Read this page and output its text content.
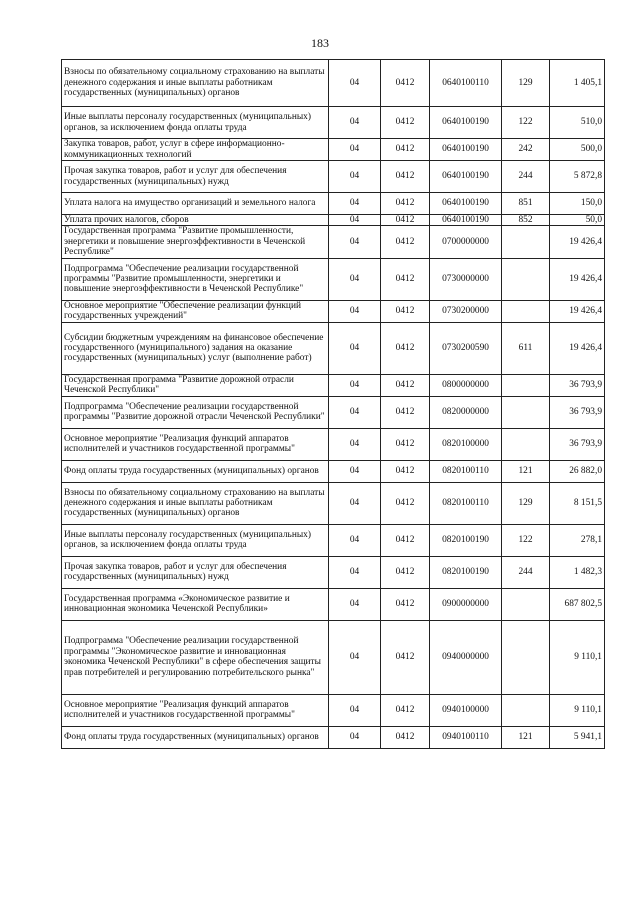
183
Взносы по обязательному социальному страхованию на выплаты денежного содержания и иные выплаты работникам государственных (муниципальных) органов	04	0412	0640100110	129	1 405,1
Иные выплаты персоналу государственных (муниципальных) органов, за исключением фонда оплаты труда	04	0412	0640100190	122	510,0
Закупка товаров, работ, услуг в сфере информационно-коммуникационных технологий	04	0412	0640100190	242	500,0
Прочая закупка товаров, работ и услуг для обеспечения государственных (муниципальных) нужд	04	0412	0640100190	244	5 872,8
Уплата налога на имущество организаций и земельного налога	04	0412	0640100190	851	150,0
Уплата прочих налогов, сборов	04	0412	0640100190	852	50,0
Государственная программа "Развитие промышленности, энергетики и повышение энергоэффективности в Чеченской Республике"	04	0412	0700000000		19 426,4
Подпрограмма "Обеспечение реализации государственной программы "Развитие промышленности, энергетики и повышение энергоэффективности в Чеченской Республике"	04	0412	0730000000		19 426,4
Основное мероприятие "Обеспечение реализации функций государственных учреждений"	04	0412	0730200000		19 426,4
Субсидии бюджетным учреждениям на финансовое обеспечение государственного (муниципального) задания на оказание государственных (муниципальных) услуг (выполнение работ)	04	0412	0730200590	611	19 426,4
Государственная программа "Развитие дорожной отрасли Чеченской Республики"	04	0412	0800000000		36 793,9
Подпрограмма "Обеспечение реализации государственной программы "Развитие дорожной отрасли Чеченской Республики"	04	0412	0820000000		36 793,9
Основное мероприятие "Реализация функций аппаратов исполнителей и участников государственной программы"	04	0412	0820100000		36 793,9
Фонд оплаты труда государственных (муниципальных) органов	04	0412	0820100110	121	26 882,0
Взносы по обязательному социальному страхованию на выплаты денежного содержания и иные выплаты работникам государственных (муниципальных) органов	04	0412	0820100110	129	8 151,5
Иные выплаты персоналу государственных (муниципальных) органов, за исключением фонда оплаты труда	04	0412	0820100190	122	278,1
Прочая закупка товаров, работ и услуг для обеспечения государственных (муниципальных) нужд	04	0412	0820100190	244	1 482,3
Государственная программа «Экономическое развитие и инновационная экономика Чеченской Республики»	04	0412	0900000000		687 802,5
Подпрограмма "Обеспечение реализации государственной программы "Экономическое развитие и инновационная экономика Чеченской Республики" в сфере обеспечения защиты прав потребителей и регулированию потребительского рынка"	04	0412	0940000000		9 110,1
Основное мероприятие "Реализация функций аппаратов исполнителей и участников государственной программы"	04	0412	0940100000		9 110,1
Фонд оплаты труда государственных (муниципальных) органов	04	0412	0940100110	121	5 941,1
